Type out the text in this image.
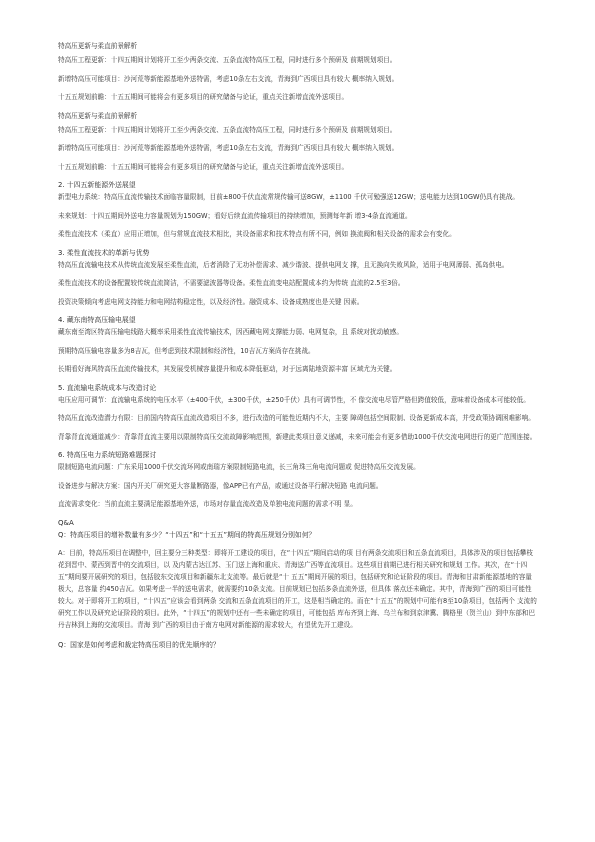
特高压更新与柔直前景解析

特高压工程更新：十四五期间计划将开工至少两条交流、五条直流特高压工程，同时进行多个预研及 前期规划项目。

新增特高压可能项目：沙河荒等新能源基地外送特需，考虑10条左右支流，青海到广西项目具有较大 概率纳入规划。

十五五规划前瞻：十五五期间可能将会有更多项目的研究储备与论证，重点关注新增直流外送项目。

特高压更新与柔直前景解析

特高压工程更新：十四五期间计划将开工至少两条交流、五条直流特高压工程，同时进行多个预研及 前期规划项目。

新增特高压可能项目：沙河荒等新能源基地外送特需，考虑10条左右支流，青海到广西项目具有较大 概率纳入规划。

十五五规划前瞻：十五五期间可能将会有更多项目的研究储备与论证，重点关注新增直流外送项目。

2. 十四五新能源外送展望

新型电力系统：特高压直流传输技术面临容量限制，目前±800千伏直流常规传输可送8GW，±1100 千伏可勉强送12GW；送电能力达到10GW仍具有挑战。

未来规划：十四五期间外送电力容量规划为150GW；看好后续直流传输项目的持续增加，预测每年新 增3-4条直流通道。

柔性直流技术（柔直）应用正增加，但与常规直流技术相比，其设备需求和技术特点有所不同，例如 换流阀和相关设备的需求会有变化。

3. 柔性直流技术的革新与优势

特高压直流输电技术从传统直流发展至柔性直流，后者消除了无功补偿需求、减少谐波、提供电网支 撑，且无换向失败风险，适用于电网薄弱、孤岛供电。

柔性直流技术的设备配置较传统直流简洁，不需要滤波器等设备。柔性直流变电站配置成本约为传统 直流的2.5至3倍。

投资决策倾向考虑电网支持能力和电网结构稳定性，以及经济性。融资成本、设备成熟度也是关键 因素。

4. 藏东南特高压输电展望

藏东南至湾区特高压输电线路大概率采用柔性直流传输技术，因西藏电网支撑能力弱、电网复杂，且 系统对扰动敏感。

预期特高压输电容量多为8吉瓦，但考虑到技术限制和经济性，10吉瓦方案尚存在挑战。

长期看好海风特高压直流传输技术，其发展受机械容量提升和成本降低驱动，对于远离陆地资源丰富 区域尤为关键。

5. 直流输电系统成本与改造讨论

电压应用可调节：直流输电系统的电压水平（±400千伏，±300千伏，±250千伏）具有可调节性，不 像交流电尽管严格但跨值较低，意味着设备成本可能较低。

特高压直流改造潜力有限：目前国内特高压直流改造项目不多，进行改造的可能性近期内不大，主要 障碍包括空间限制、设备更新成本高，并受政策协调困难影响。

背靠背直流通道减少：背靠背直流主要用以限制特高压交流故障影响范围，新建此类项目意义递减，未来可能会有更多借助1000千伏交流电网进行的更广范围连接。

6. 特高压电力系统短路难题探讨

限制短路电流问题：广东采用1000千伏交流环网或南瑞方案限制短路电流，长三角珠三角电流问题或 促进特高压交流发展。

设备进步与解决方案：国内开关厂研究更大容量断路器，像APP已有产品，或通过设备平行解决短路 电流问题。

直流需求变化：当前直流主要满足能源基地外送，市场对存量直流改造及单独电流问题的需求不明 显。

Q&A

Q：特高压项目的增补数量有多少？“十四五”和“十五五”期间的特高压规划分别如何？

A：目前，特高压项目在调整中，回主要分三种类型：即将开工建设的项目，在“十四五”期间启动的项 目有两条交流项目和五条直流项目，具体涉及的项目包括攀枝花到晋中、蒙西到晋中的交流项目，以 及内蒙古达江苏、玉门送上海和重庆、青海送广西等直流项目。这些项目前期已进行相关研究和规划 工作。其次，在“十四五”期间要开展研究的项目，包括胶东交流项目和新疆东北支流等。最后就是“十 五五”期间开展的项目，包括研究和论证阶段的项目。青海和甘肃新能源基地的容量极大，总容量 约450吉瓦。如果考虑一半的送电需求，就需要约10条支流。目前规划已包括多条直流外送，但具体 落点还未确定。其中，青海到广西的项目可能性较大。对于即将开工的项目，“十四五”应该会看到两条 交流和五条直流项目的开工，这是相当确定的。而在“十五五”的规划中可能有8至10条项目，包括两个 支流的研究工作以及研究论证阶段的项目。此外，“十四五”的规划中还有一些未确定的项目，可能包括 库布齐到上海、乌兰布和到京津冀、腾格里（贺兰山）到中东部和巴丹吉林到上海的交流项目。青海 到广西的项目由于南方电网对新能源的需求较大，有望优先开工建设。

Q：国家是如何考虑和裁定特高压项目的优先顺序的？
